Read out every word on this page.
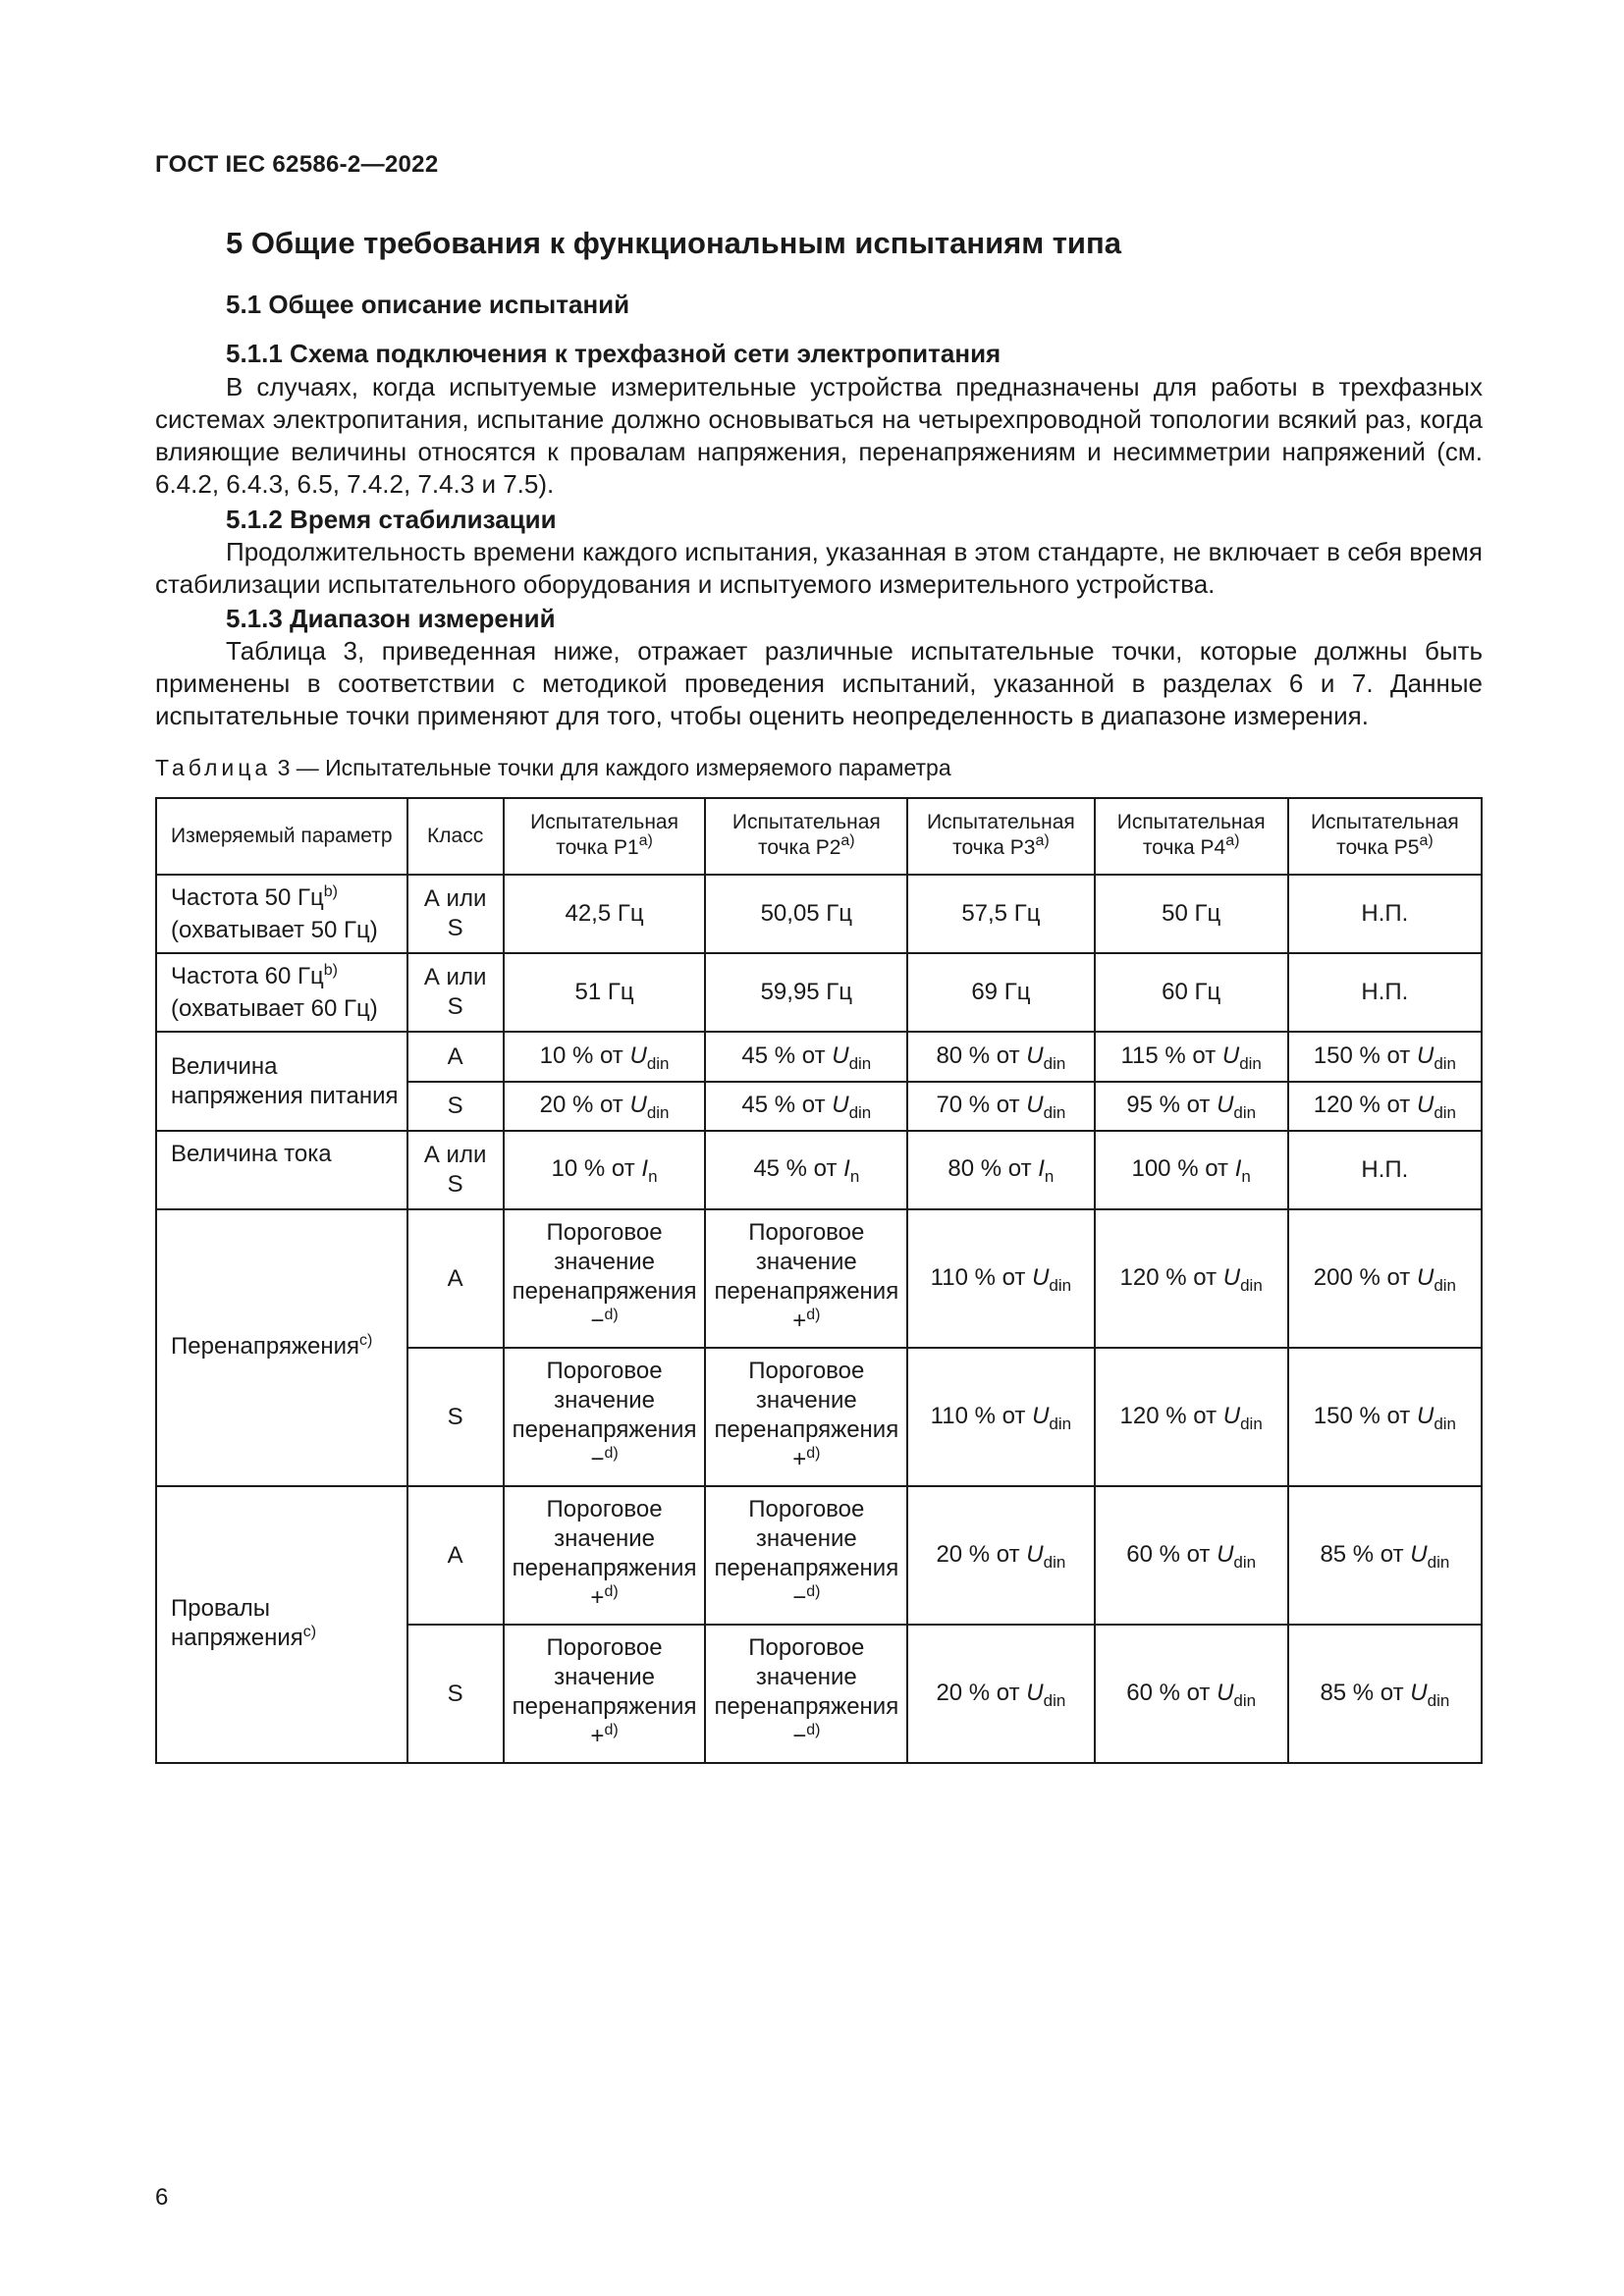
ГОСТ IEC 62586-2—2022
5 Общие требования к функциональным испытаниям типа
5.1 Общее описание испытаний
5.1.1 Схема подключения к трехфазной сети электропитания
В случаях, когда испытуемые измерительные устройства предназначены для работы в трехфазных системах электропитания, испытание должно основываться на четырехпроводной топологии всякий раз, когда влияющие величины относятся к провалам напряжения, перенапряжениям и несимметрии напряжений (см. 6.4.2, 6.4.3, 6.5, 7.4.2, 7.4.3 и 7.5).
5.1.2 Время стабилизации
Продолжительность времени каждого испытания, указанная в этом стандарте, не включает в себя время стабилизации испытательного оборудования и испытуемого измерительного устройства.
5.1.3 Диапазон измерений
Таблица 3, приведенная ниже, отражает различные испытательные точки, которые должны быть применены в соответствии с методикой проведения испытаний, указанной в разделах 6 и 7. Данные испытательные точки применяют для того, чтобы оценить неопределенность в диапазоне измерения.
Таблица 3 — Испытательные точки для каждого измеряемого параметра
Измеряемый параметр	Класс	Испытательная точка P1$^{a)}$	Испытательная точка P2$^{a)}$	Испытательная точка P3$^{a)}$	Испытательная точка P4$^{a)}$	Испытательная точка P5$^{a)}$
Частота 50 $Гц^{b)}$
(охватывает 50 Гц)	А или S	42,5 Гц	50,05 Гц	57,5 Гц	50 Гц	Н.П.
Частота 60 $Гц^{b)}$
(охватывает 60 Гц)	А или S	51 Гц	59,95 Гц	69 Гц	60 Гц	Н.П.
Величина напряжения питания	А	10 % от $U_{din}$	45 % от $U_{din}$	80 % от $U_{din}$	115 % от $U_{din}$	150 % от $U_{din}$
	S	20 % от $U_{din}$	45 % от $U_{din}$	70 % от $U_{din}$	95 % от $U_{din}$	120 % от $U_{din}$
Величина тока	А или S	10 % от $I_n$	45 % от $I_n$	80 % от $I_n$	100 % от $I_n$	Н.П.
Перенапряжения$^{c)}$	А	Пороговое значение перенапряжения −$^{d)}$	Пороговое значение перенапряжения +$^{d)}$	110 % от $U_{din}$	120 % от $U_{din}$	200 % от $U_{din}$
	S	Пороговое значение перенапряжения −$^{d)}$	Пороговое значение перенапряжения +$^{d)}$	110 % от $U_{din}$	120 % от $U_{din}$	150 % от $U_{din}$
Провалы напряжения$^{c)}$	А	Пороговое значение перенапряжения +$^{d)}$	Пороговое значение перенапряжения −$^{d)}$	20 % от $U_{din}$	60 % от $U_{din}$	85 % от $U_{din}$
	S	Пороговое значение перенапряжения +$^{d)}$	Пороговое значение перенапряжения −$^{d)}$	20 % от $U_{din}$	60 % от $U_{din}$	85 % от $U_{din}$
6
